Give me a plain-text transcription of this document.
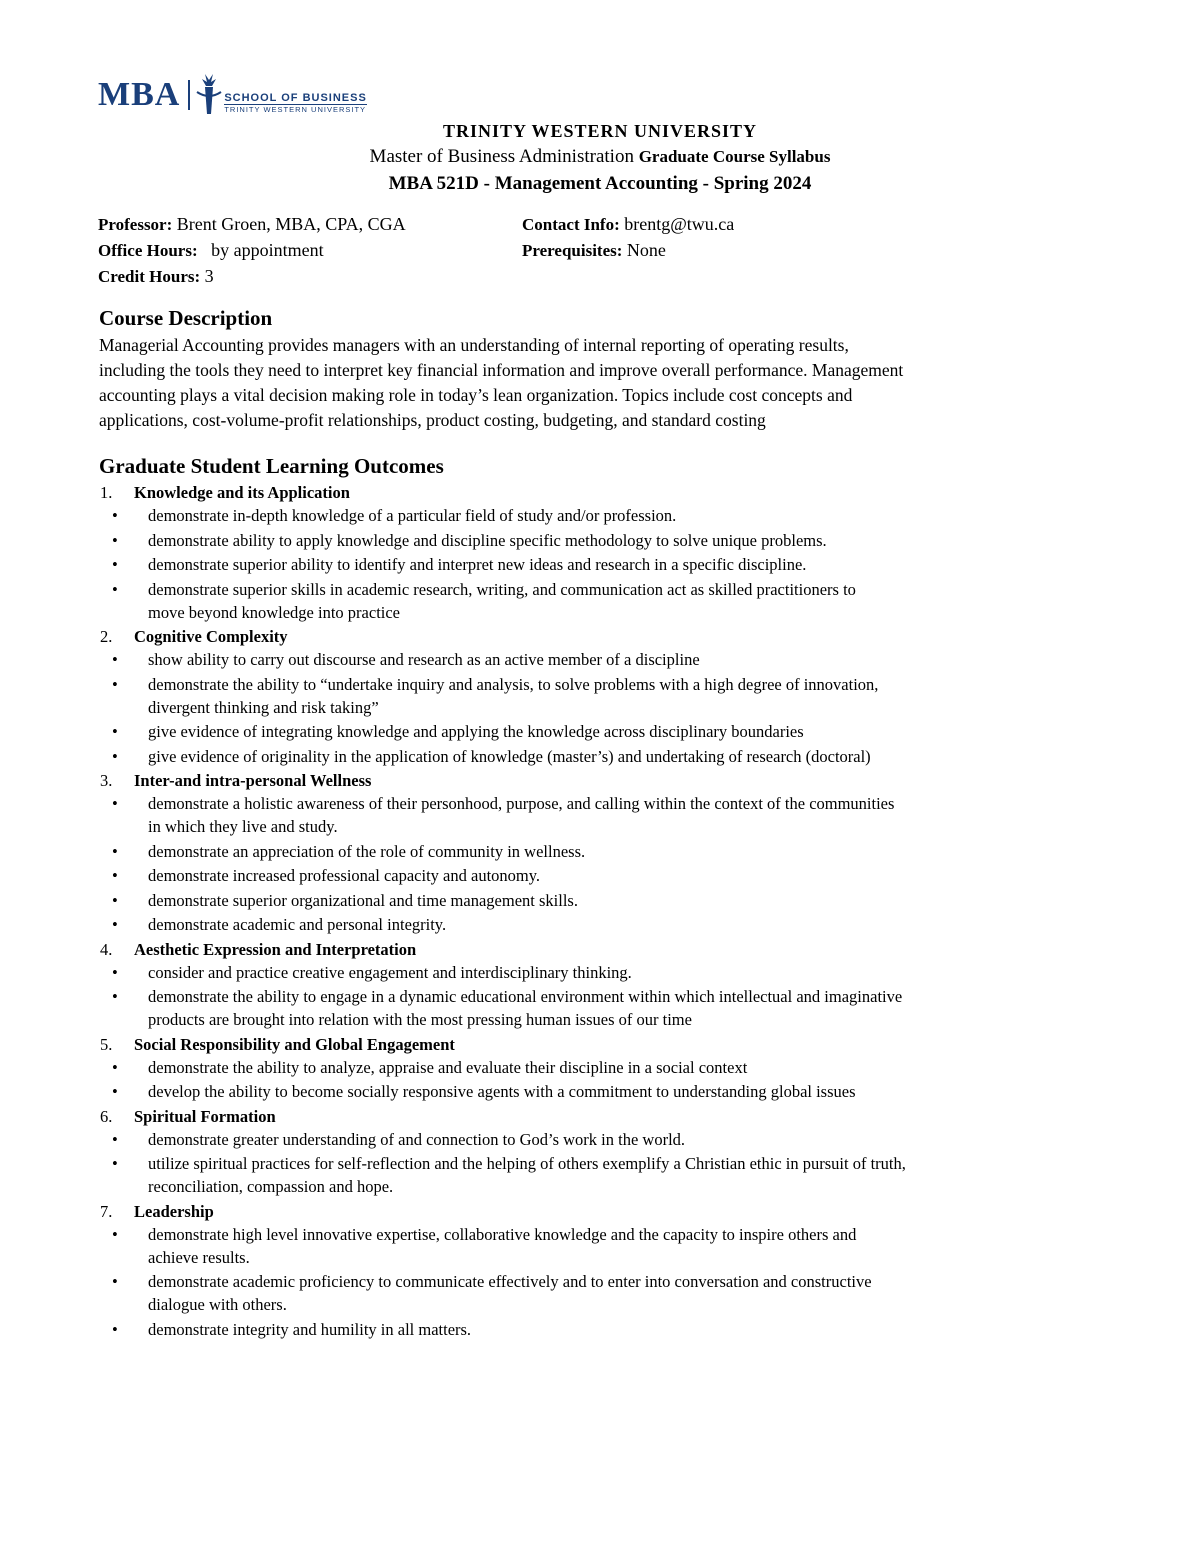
MBA	SCHOOL OF BUSINESS
TRINITY WESTERN UNIVERSITY
TRINITY WESTERN UNIVERSITY
Master of Business Administration Graduate Course Syllabus
MBA 521D - Management Accounting - Spring 2024
Professor: Brent Groen, MBA, CPA, CGA	Contact Info: brentg@twu.ca
Office Hours: by appointment	Prerequisites: None
Credit Hours: 3
Course Description
Managerial Accounting provides managers with an understanding of internal reporting of operating results,
including the tools they need to interpret key financial information and improve overall performance. Management
accounting plays a vital decision making role in today’s lean organization. Topics include cost concepts and
applications, cost-volume-profit relationships, product costing, budgeting, and standard costing
Graduate Student Learning Outcomes
1. Knowledge and its Application
• demonstrate in-depth knowledge of a particular field of study and/or profession.
• demonstrate ability to apply knowledge and discipline specific methodology to solve unique problems.
• demonstrate superior ability to identify and interpret new ideas and research in a specific discipline.
• demonstrate superior skills in academic research, writing, and communication act as skilled practitioners to
move beyond knowledge into practice
2. Cognitive Complexity
• show ability to carry out discourse and research as an active member of a discipline
• demonstrate the ability to “undertake inquiry and analysis, to solve problems with a high degree of innovation,
divergent thinking and risk taking”
• give evidence of integrating knowledge and applying the knowledge across disciplinary boundaries
• give evidence of originality in the application of knowledge (master’s) and undertaking of research (doctoral)
3. Inter-and intra-personal Wellness
• demonstrate a holistic awareness of their personhood, purpose, and calling within the context of the communities
in which they live and study.
• demonstrate an appreciation of the role of community in wellness.
• demonstrate increased professional capacity and autonomy.
• demonstrate superior organizational and time management skills.
• demonstrate academic and personal integrity.
4. Aesthetic Expression and Interpretation
• consider and practice creative engagement and interdisciplinary thinking.
• demonstrate the ability to engage in a dynamic educational environment within which intellectual and imaginative
products are brought into relation with the most pressing human issues of our time
5. Social Responsibility and Global Engagement
• demonstrate the ability to analyze, appraise and evaluate their discipline in a social context
• develop the ability to become socially responsive agents with a commitment to understanding global issues
6. Spiritual Formation
• demonstrate greater understanding of and connection to God’s work in the world.
• utilize spiritual practices for self-reflection and the helping of others exemplify a Christian ethic in pursuit of truth,
reconciliation, compassion and hope.
7. Leadership
• demonstrate high level innovative expertise, collaborative knowledge and the capacity to inspire others and
achieve results.
• demonstrate academic proficiency to communicate effectively and to enter into conversation and constructive
dialogue with others.
• demonstrate integrity and humility in all matters.
